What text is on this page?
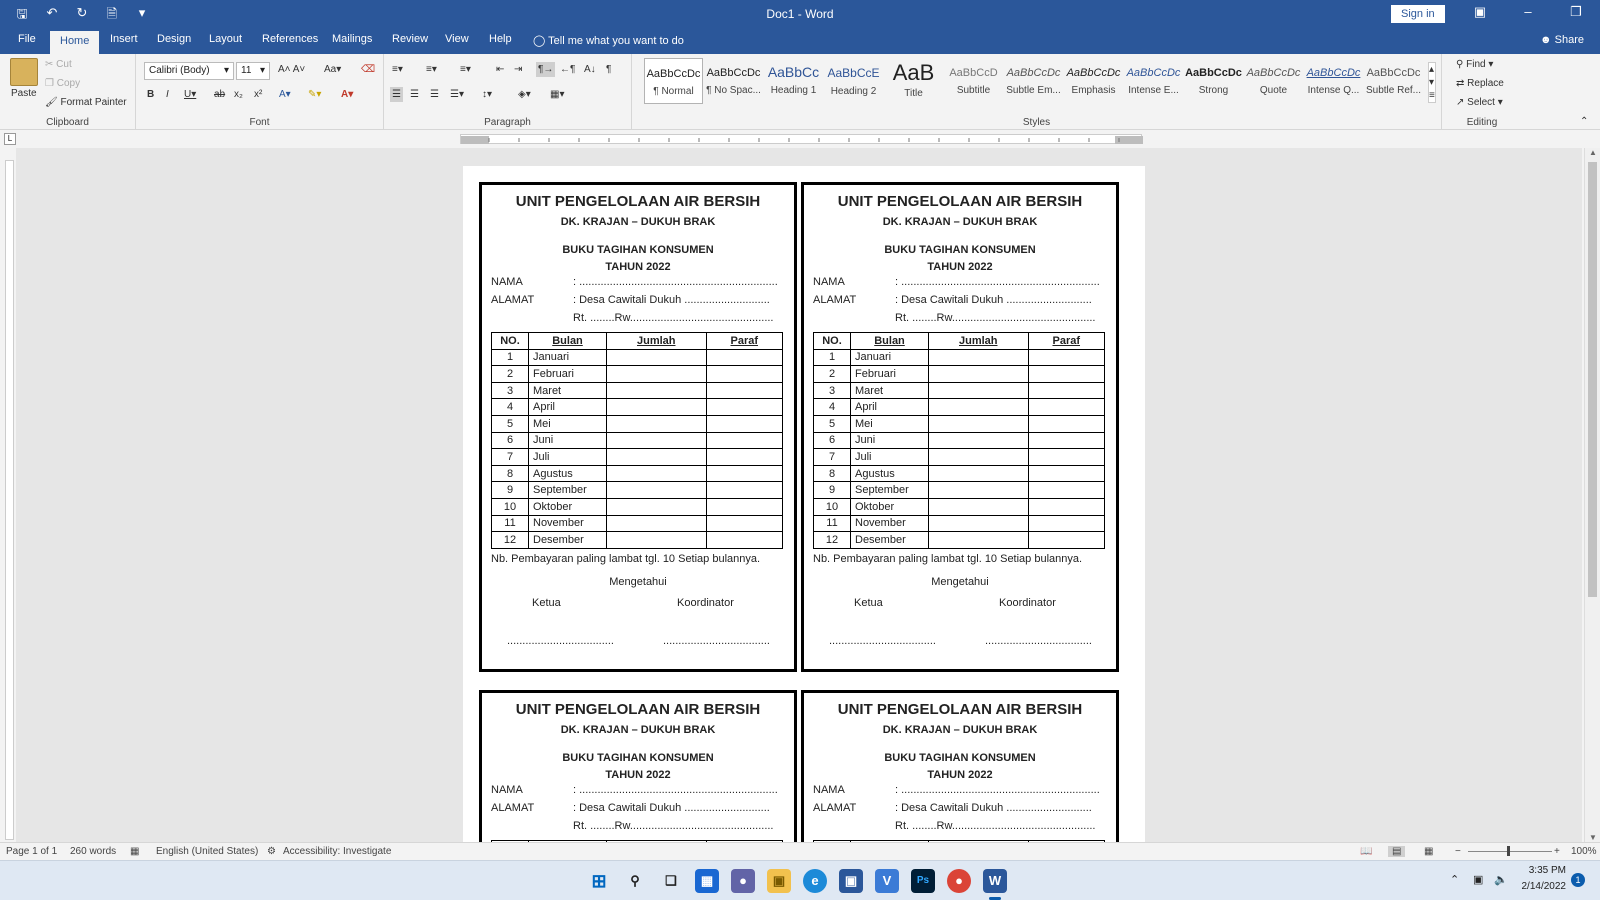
🖫 ↶ ↻ 🗎	▾	Doc1 - Word	Sign in	▣	–	❐
File	Home	Insert Design Layout References Mailings Review View Help ◯ Tell me what you want to do	☻ Share
Paste
✂ Cut
❐ Copy
🖌 Format Painter
Clipboard
Calibri (Body) ▾	11 ▾ A˄ A˅ Aa▾ ⌫
B I U▾ ab x₂ x² A▾ ✎▾ A▾
Font
≡▾ ≡▾ ≡▾	⇤ ⇥ ¶→ ←¶ A↓ ¶
☰ ☰ ☰ ☰▾ ↕▾	◈▾ ▦▾
Paragraph
AaBbCcDc
¶ Normal
AaBbCcDc
¶ No Spac...
AaBbCc
Heading 1
AaBbCcE
Heading 2
AaB
Title
AaBbCcD
Subtitle
AaBbCcDc
Subtle Em...
AaBbCcDc
Emphasis
AaBbCcDc
Intense E...
AaBbCcDc
Strong
AaBbCcDc
Quote
AaBbCcDc
Intense Q...
AaBbCcDc
Subtle Ref...
▴
▾
≡
Styles
⚲ Find ▾
⇄ Replace
↗ Select ▾
Editing	⌃
L
UNIT PENGELOLAAN AIR BERSIH
DK. KRAJAN – DUKUH BRAK
BUKU TAGIHAN KONSUMEN
TAHUN 2022
NAMA	: .................................................................
ALAMAT	: Desa Cawitali Dukuh ............................
Rt. ........Rw...............................................
NO.	Bulan	Jumlah	Paraf
1	Januari		
2	Februari		
3	Maret		
4	April		
5	Mei		
6	Juni		
7	Juli		
8	Agustus		
9	September		
10	Oktober		
11	November		
12	Desember		
Nb. Pembayaran paling lambat tgl. 10 Setiap bulannya.
Mengetahui
Ketua	Koordinator
...................................	...................................
UNIT PENGELOLAAN AIR BERSIH
DK. KRAJAN – DUKUH BRAK
BUKU TAGIHAN KONSUMEN
TAHUN 2022
NAMA	: .................................................................
ALAMAT	: Desa Cawitali Dukuh ............................
Rt. ........Rw...............................................
NO.	Bulan	Jumlah	Paraf
1	Januari		
2	Februari		
3	Maret		
4	April		
5	Mei		
6	Juni		
7	Juli		
8	Agustus		
9	September		
10	Oktober		
11	November		
12	Desember		
Nb. Pembayaran paling lambat tgl. 10 Setiap bulannya.
Mengetahui
Ketua	Koordinator
...................................	...................................
UNIT PENGELOLAAN AIR BERSIH
DK. KRAJAN – DUKUH BRAK
BUKU TAGIHAN KONSUMEN
TAHUN 2022
NAMA	: .................................................................
ALAMAT	: Desa Cawitali Dukuh ............................
Rt. ........Rw...............................................

UNIT PENGELOLAAN AIR BERSIH
DK. KRAJAN – DUKUH BRAK
BUKU TAGIHAN KONSUMEN
TAHUN 2022
NAMA	: .................................................................
ALAMAT	: Desa Cawitali Dukuh ............................
Rt. ........Rw...............................................

▲
▼
Page 1 of 1 260 words ▦ English (United States) ⚙ Accessibility: Investigate	📖	▤	▦ −	+ 100%
⊞	⚲	❏	▦	●	▣	e	▣	V	Ps	●	W	⌃ ▣ 🔈
3:35 PM
2/14/2022
1
